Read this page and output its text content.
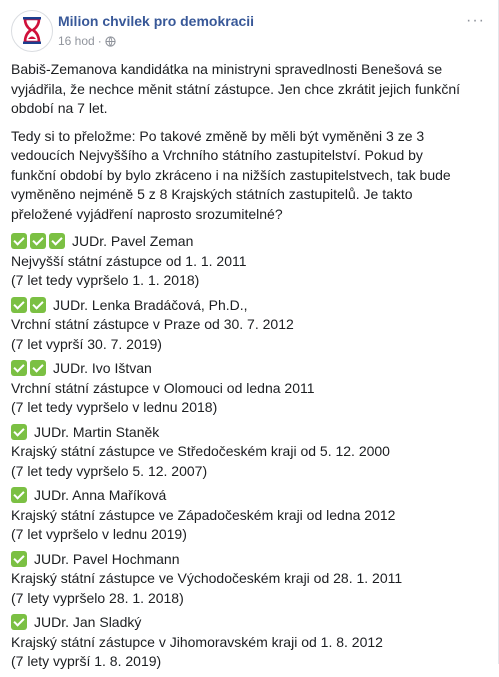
Milion chvilek pro demokracii
16 hod ·
···
Babiš-Zemanova kandidátka na ministryni spravedlnosti Benešová se
vyjádřila, že nechce měnit státní zástupce. Jen chce zkrátit jejich funkční
období na 7 let.
Tedy si to přeložme: Po takové změně by měli být vyměněni 3 ze 3
vedoucích Nejvyššího a Vrchního státního zastupitelství. Pokud by
funkční období by bylo zkráceno i na nižších zastupitelstvech, tak bude
vyměněno nejméně 5 z 8 Krajských státních zastupitelů. Je takto
přeložené vyjádření naprosto srozumitelné?
JUDr. Pavel Zeman
Nejvyšší státní zástupce od 1. 1. 2011
(7 let tedy vypršelo 1. 1. 2018)
JUDr. Lenka Bradáčová, Ph.D.,
Vrchní státní zástupce v Praze od 30. 7. 2012
(7 let vyprší 30. 7. 2019)
JUDr. Ivo Ištvan
Vrchní státní zástupce v Olomouci od ledna 2011
(7 let tedy vypršelo v lednu 2018)
JUDr. Martin Staněk
Krajský státní zástupce ve Středočeském kraji od 5. 12. 2000
(7 let tedy vypršelo 5. 12. 2007)
JUDr. Anna Maříková
Krajský státní zástupce ve Západočeském kraji od ledna 2012
(7 let vypršelo v lednu 2019)
JUDr. Pavel Hochmann
Krajský státní zástupce ve Východočeském kraji od 28. 1. 2011
(7 lety vypršelo 28. 1. 2018)
JUDr. Jan Sladký
Krajský státní zástupce v Jihomoravském kraji od 1. 8. 2012
(7 lety vyprší 1. 8. 2019)
